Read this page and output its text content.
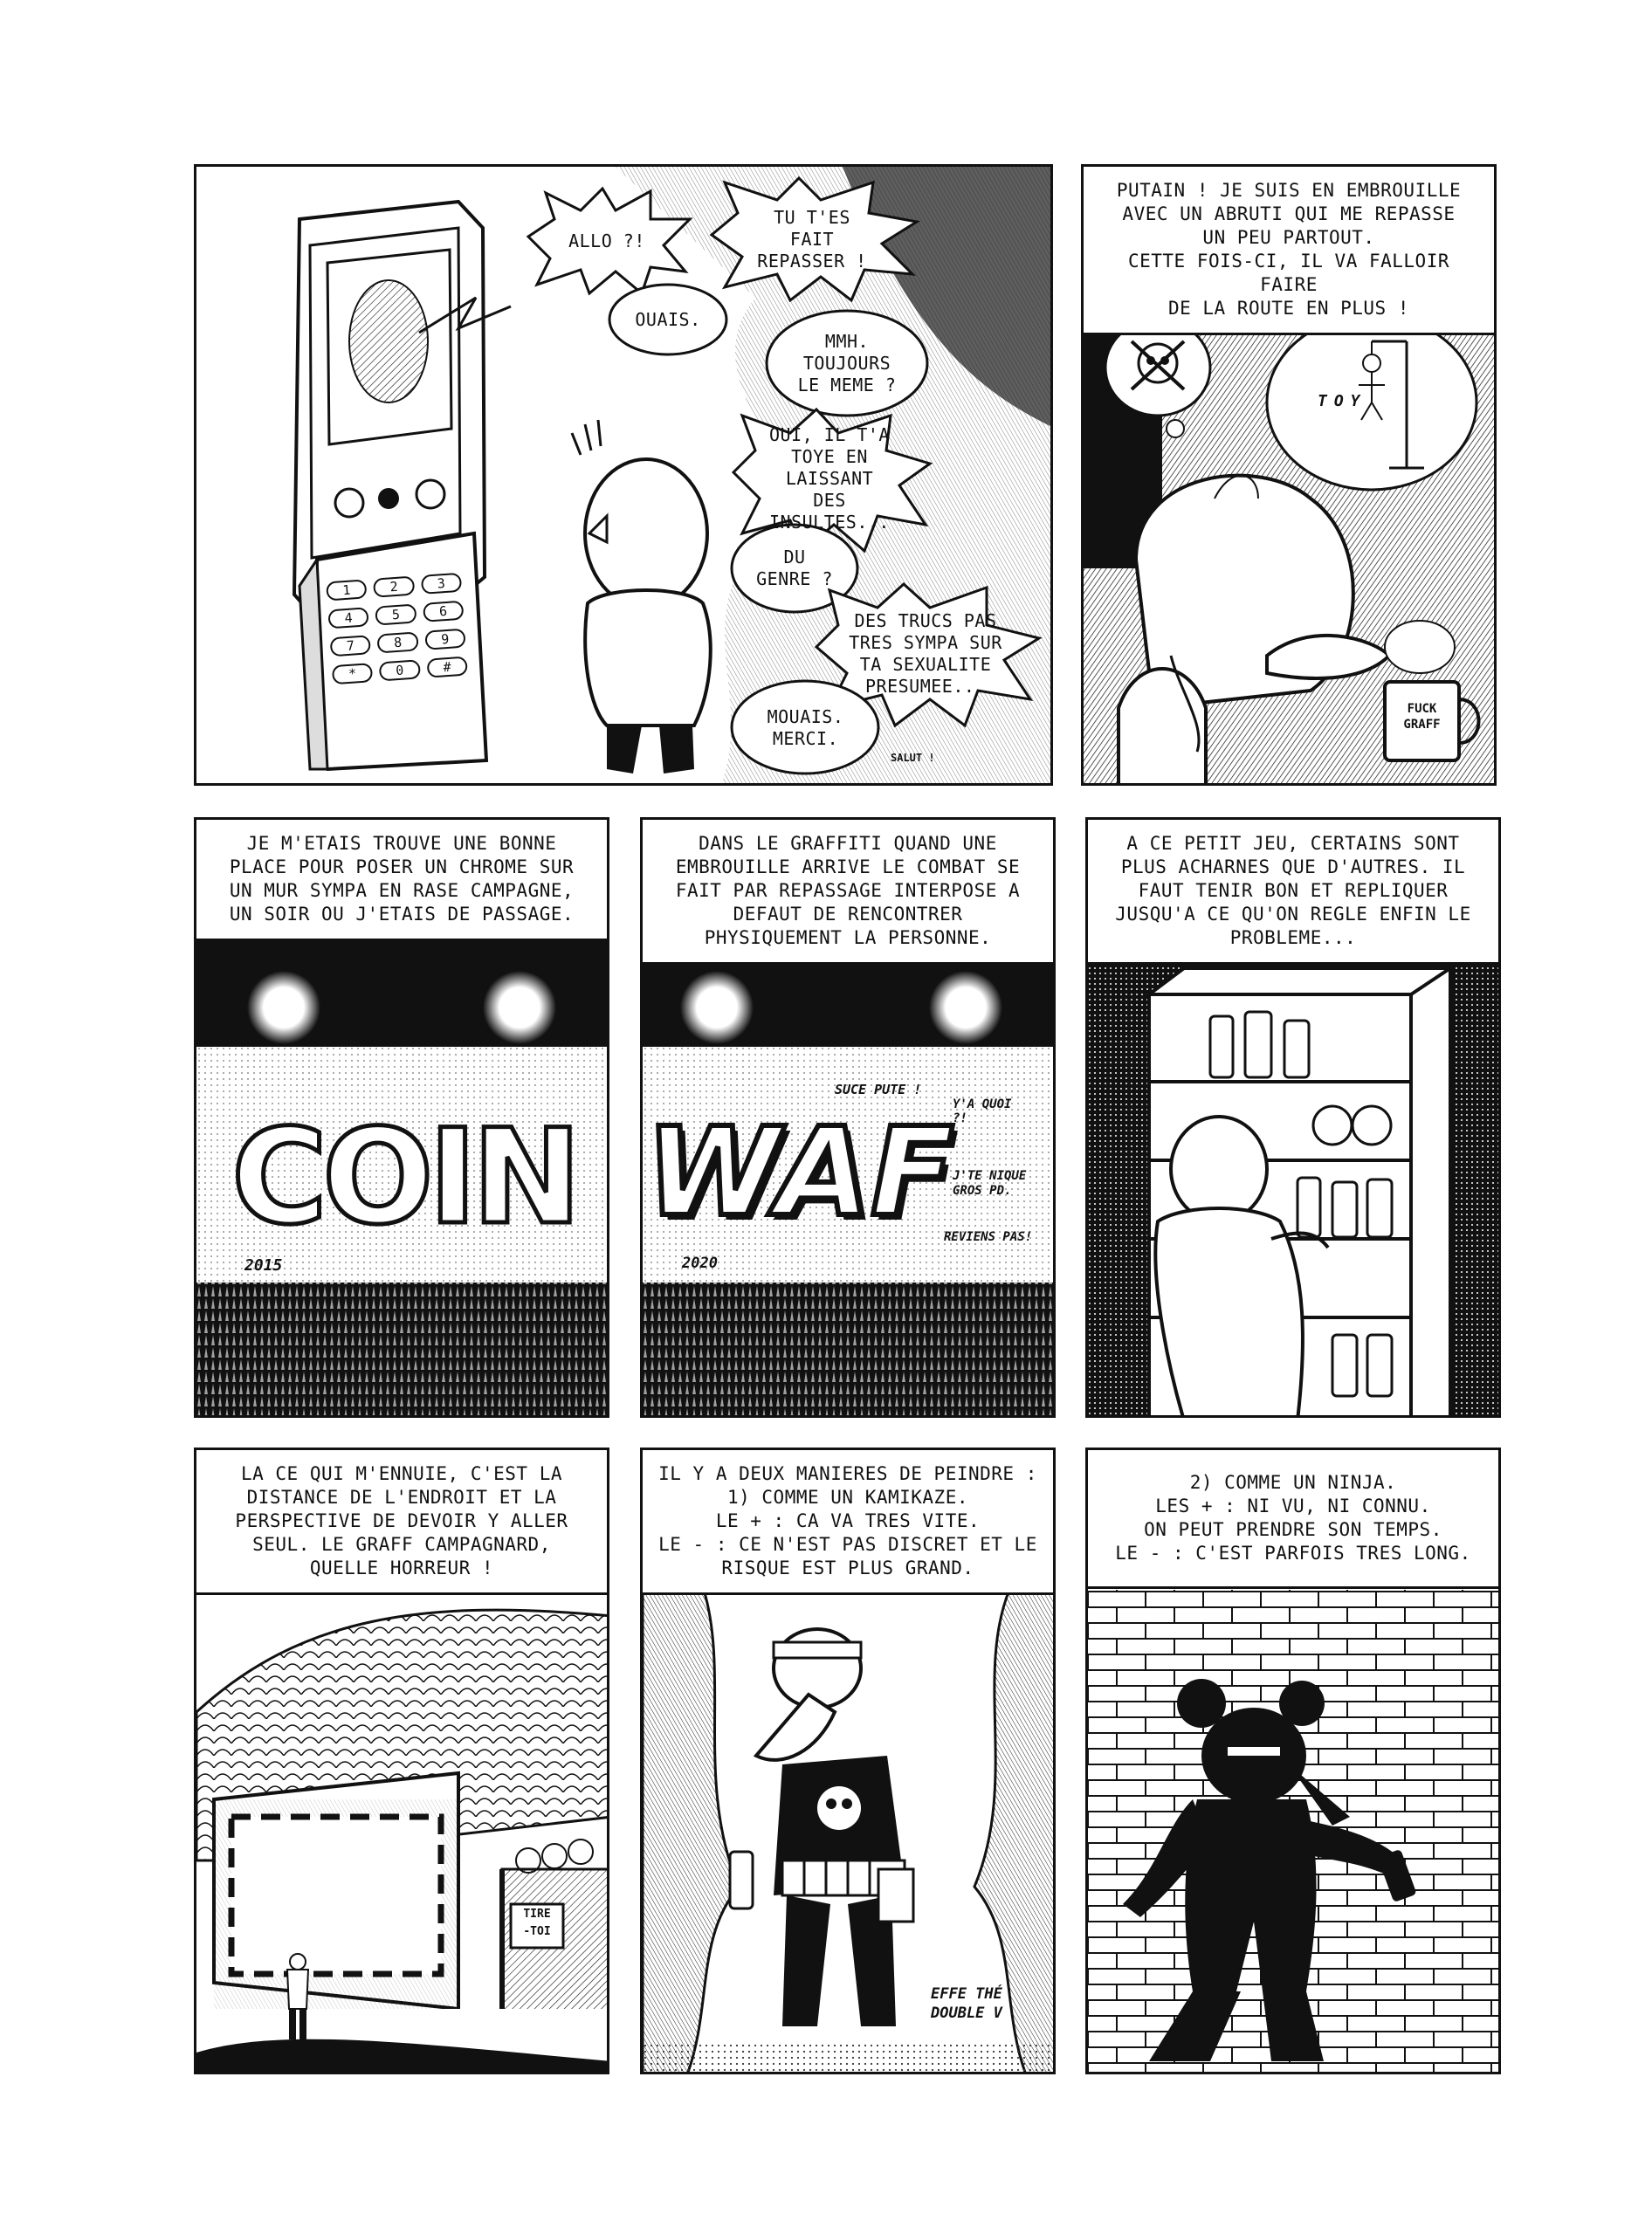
1	2	3
4	5	6
7	8	9
*	0	#
ALLO ?!
TU T'ES FAIT REPASSER !
OUAIS.
MMH. TOUJOURS LE MEME ?
OUI, IL T'A TOYE EN LAISSANT DES INSULTES...
DU GENRE ?
DES TRUCS PAS TRES SYMPA SUR TA SEXUALITE PRESUMEE...
MOUAIS. MERCI.
SALUT !
PUTAIN ! JE SUIS EN EMBROUILLE
AVEC UN ABRUTI QUI ME REPASSE
UN PEU PARTOUT.
CETTE FOIS-CI, IL VA FALLOIR FAIRE
DE LA ROUTE EN PLUS !
TOY
FUCK
GRAFF
JE M'ETAIS TROUVE UNE BONNE
PLACE POUR POSER UN CHROME SUR
UN MUR SYMPA EN RASE CAMPAGNE,
UN SOIR OU J'ETAIS DE PASSAGE.
COIN
2015
DANS LE GRAFFITI QUAND UNE
EMBROUILLE ARRIVE LE COMBAT SE
FAIT PAR REPASSAGE INTERPOSE A
DEFAUT DE RENCONTRER
PHYSIQUEMENT LA PERSONNE.
WAF
2020
SUCE PUTE !
Y'A QUOI ?!
J'TE NIQUE GROS PD.
REVIENS PAS!
A CE PETIT JEU, CERTAINS SONT
PLUS ACHARNES QUE D'AUTRES. IL
FAUT TENIR BON ET REPLIQUER
JUSQU'A CE QU'ON REGLE ENFIN LE
PROBLEME...
LA CE QUI M'ENNUIE, C'EST LA
DISTANCE DE L'ENDROIT ET LA
PERSPECTIVE DE DEVOIR Y ALLER
SEUL. LE GRAFF CAMPAGNARD,
QUELLE HORREUR !
TIRE
-TOI
IL Y A DEUX MANIERES DE PEINDRE :
1) COMME UN KAMIKAZE.
LE + : CA VA TRES VITE.
LE - : CE N'EST PAS DISCRET ET LE
RISQUE EST PLUS GRAND.
EFFE THÉ
DOUBLE V
2) COMME UN NINJA.
LES + : NI VU, NI CONNU.
ON PEUT PRENDRE SON TEMPS.
LE - : C'EST PARFOIS TRES LONG.
